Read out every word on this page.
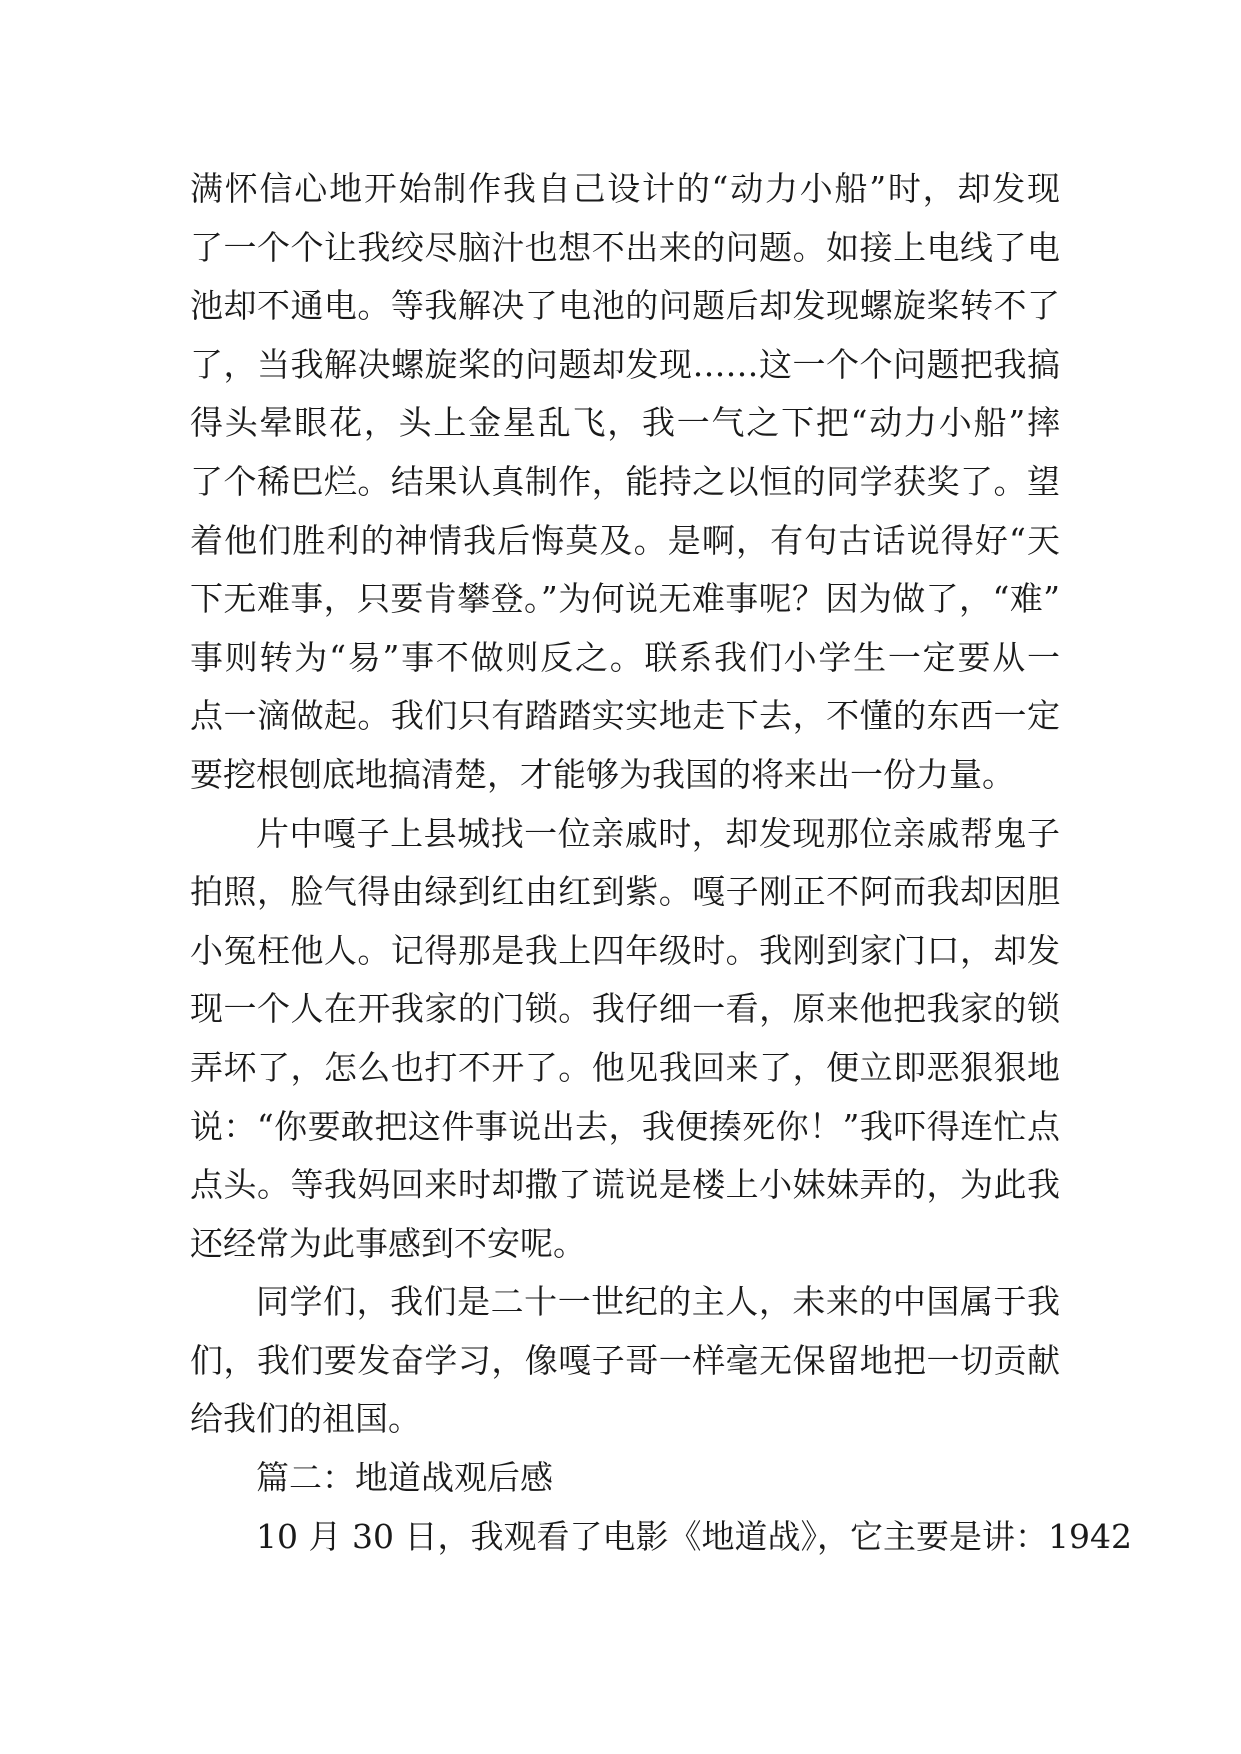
满怀信心地开始制作我自己设计的“动力小船”时，却发现
了一个个让我绞尽脑汁也想不出来的问题。如接上电线了电
池却不通电。等我解决了电池的问题后却发现螺旋桨转不了
了，当我解决螺旋桨的问题却发现……这一个个问题把我搞
得头晕眼花，头上金星乱飞，我一气之下把“动力小船”摔
了个稀巴烂。结果认真制作，能持之以恒的同学获奖了。望
着他们胜利的神情我后悔莫及。是啊，有句古话说得好“天
下无难事，只要肯攀登。”为何说无难事呢？因为做了，“难”
事则转为“易”事不做则反之。联系我们小学生一定要从一
点一滴做起。我们只有踏踏实实地走下去，不懂的东西一定
要挖根刨底地搞清楚，才能够为我国的将来出一份力量。
片中嘎子上县城找一位亲戚时，却发现那位亲戚帮鬼子
拍照，脸气得由绿到红由红到紫。嘎子刚正不阿而我却因胆
小冤枉他人。记得那是我上四年级时。我刚到家门口，却发
现一个人在开我家的门锁。我仔细一看，原来他把我家的锁
弄坏了，怎么也打不开了。他见我回来了，便立即恶狠狠地
说：“你要敢把这件事说出去，我便揍死你！”我吓得连忙点
点头。等我妈回来时却撒了谎说是楼上小妹妹弄的，为此我
还经常为此事感到不安呢。
同学们，我们是二十一世纪的主人，未来的中国属于我
们，我们要发奋学习，像嘎子哥一样毫无保留地把一切贡献
给我们的祖国。
篇二：地道战观后感
10 月 30 日，我观看了电影《地道战》，它主要是讲：1942
